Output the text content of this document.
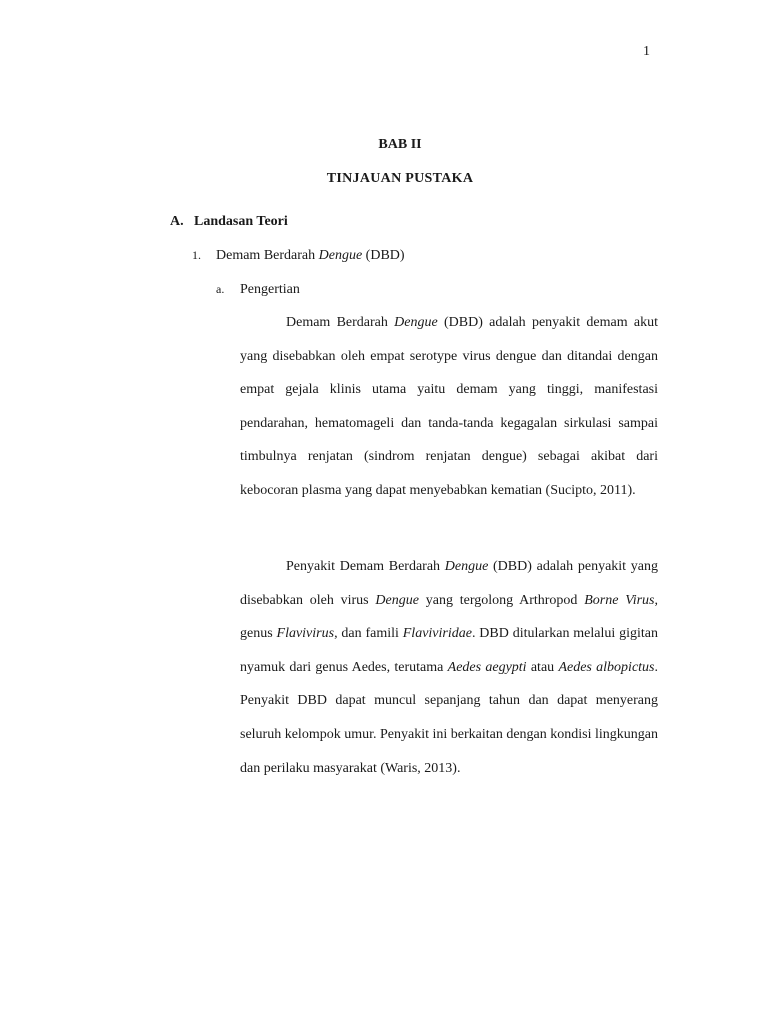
1
BAB II
TINJAUAN PUSTAKA
A. Landasan Teori
1. Demam Berdarah Dengue (DBD)
a. Pengertian

Demam Berdarah Dengue (DBD) adalah penyakit demam akut yang disebabkan oleh empat serotype virus dengue dan ditandai dengan empat gejala klinis utama yaitu demam yang tinggi, manifestasi pendarahan, hematomageli dan tanda-tanda kegagalan sirkulasi sampai timbulnya renjatan (sindrom renjatan dengue) sebagai akibat dari kebocoran plasma yang dapat menyebabkan kematian (Sucipto, 2011).

Penyakit Demam Berdarah Dengue (DBD) adalah penyakit yang disebabkan oleh virus Dengue yang tergolong Arthropod Borne Virus, genus Flavivirus, dan famili Flaviviridae. DBD ditularkan melalui gigitan nyamuk dari genus Aedes, terutama Aedes aegypti atau Aedes albopictus. Penyakit DBD dapat muncul sepanjang tahun dan dapat menyerang seluruh kelompok umur. Penyakit ini berkaitan dengan kondisi lingkungan dan perilaku masyarakat (Waris, 2013).
